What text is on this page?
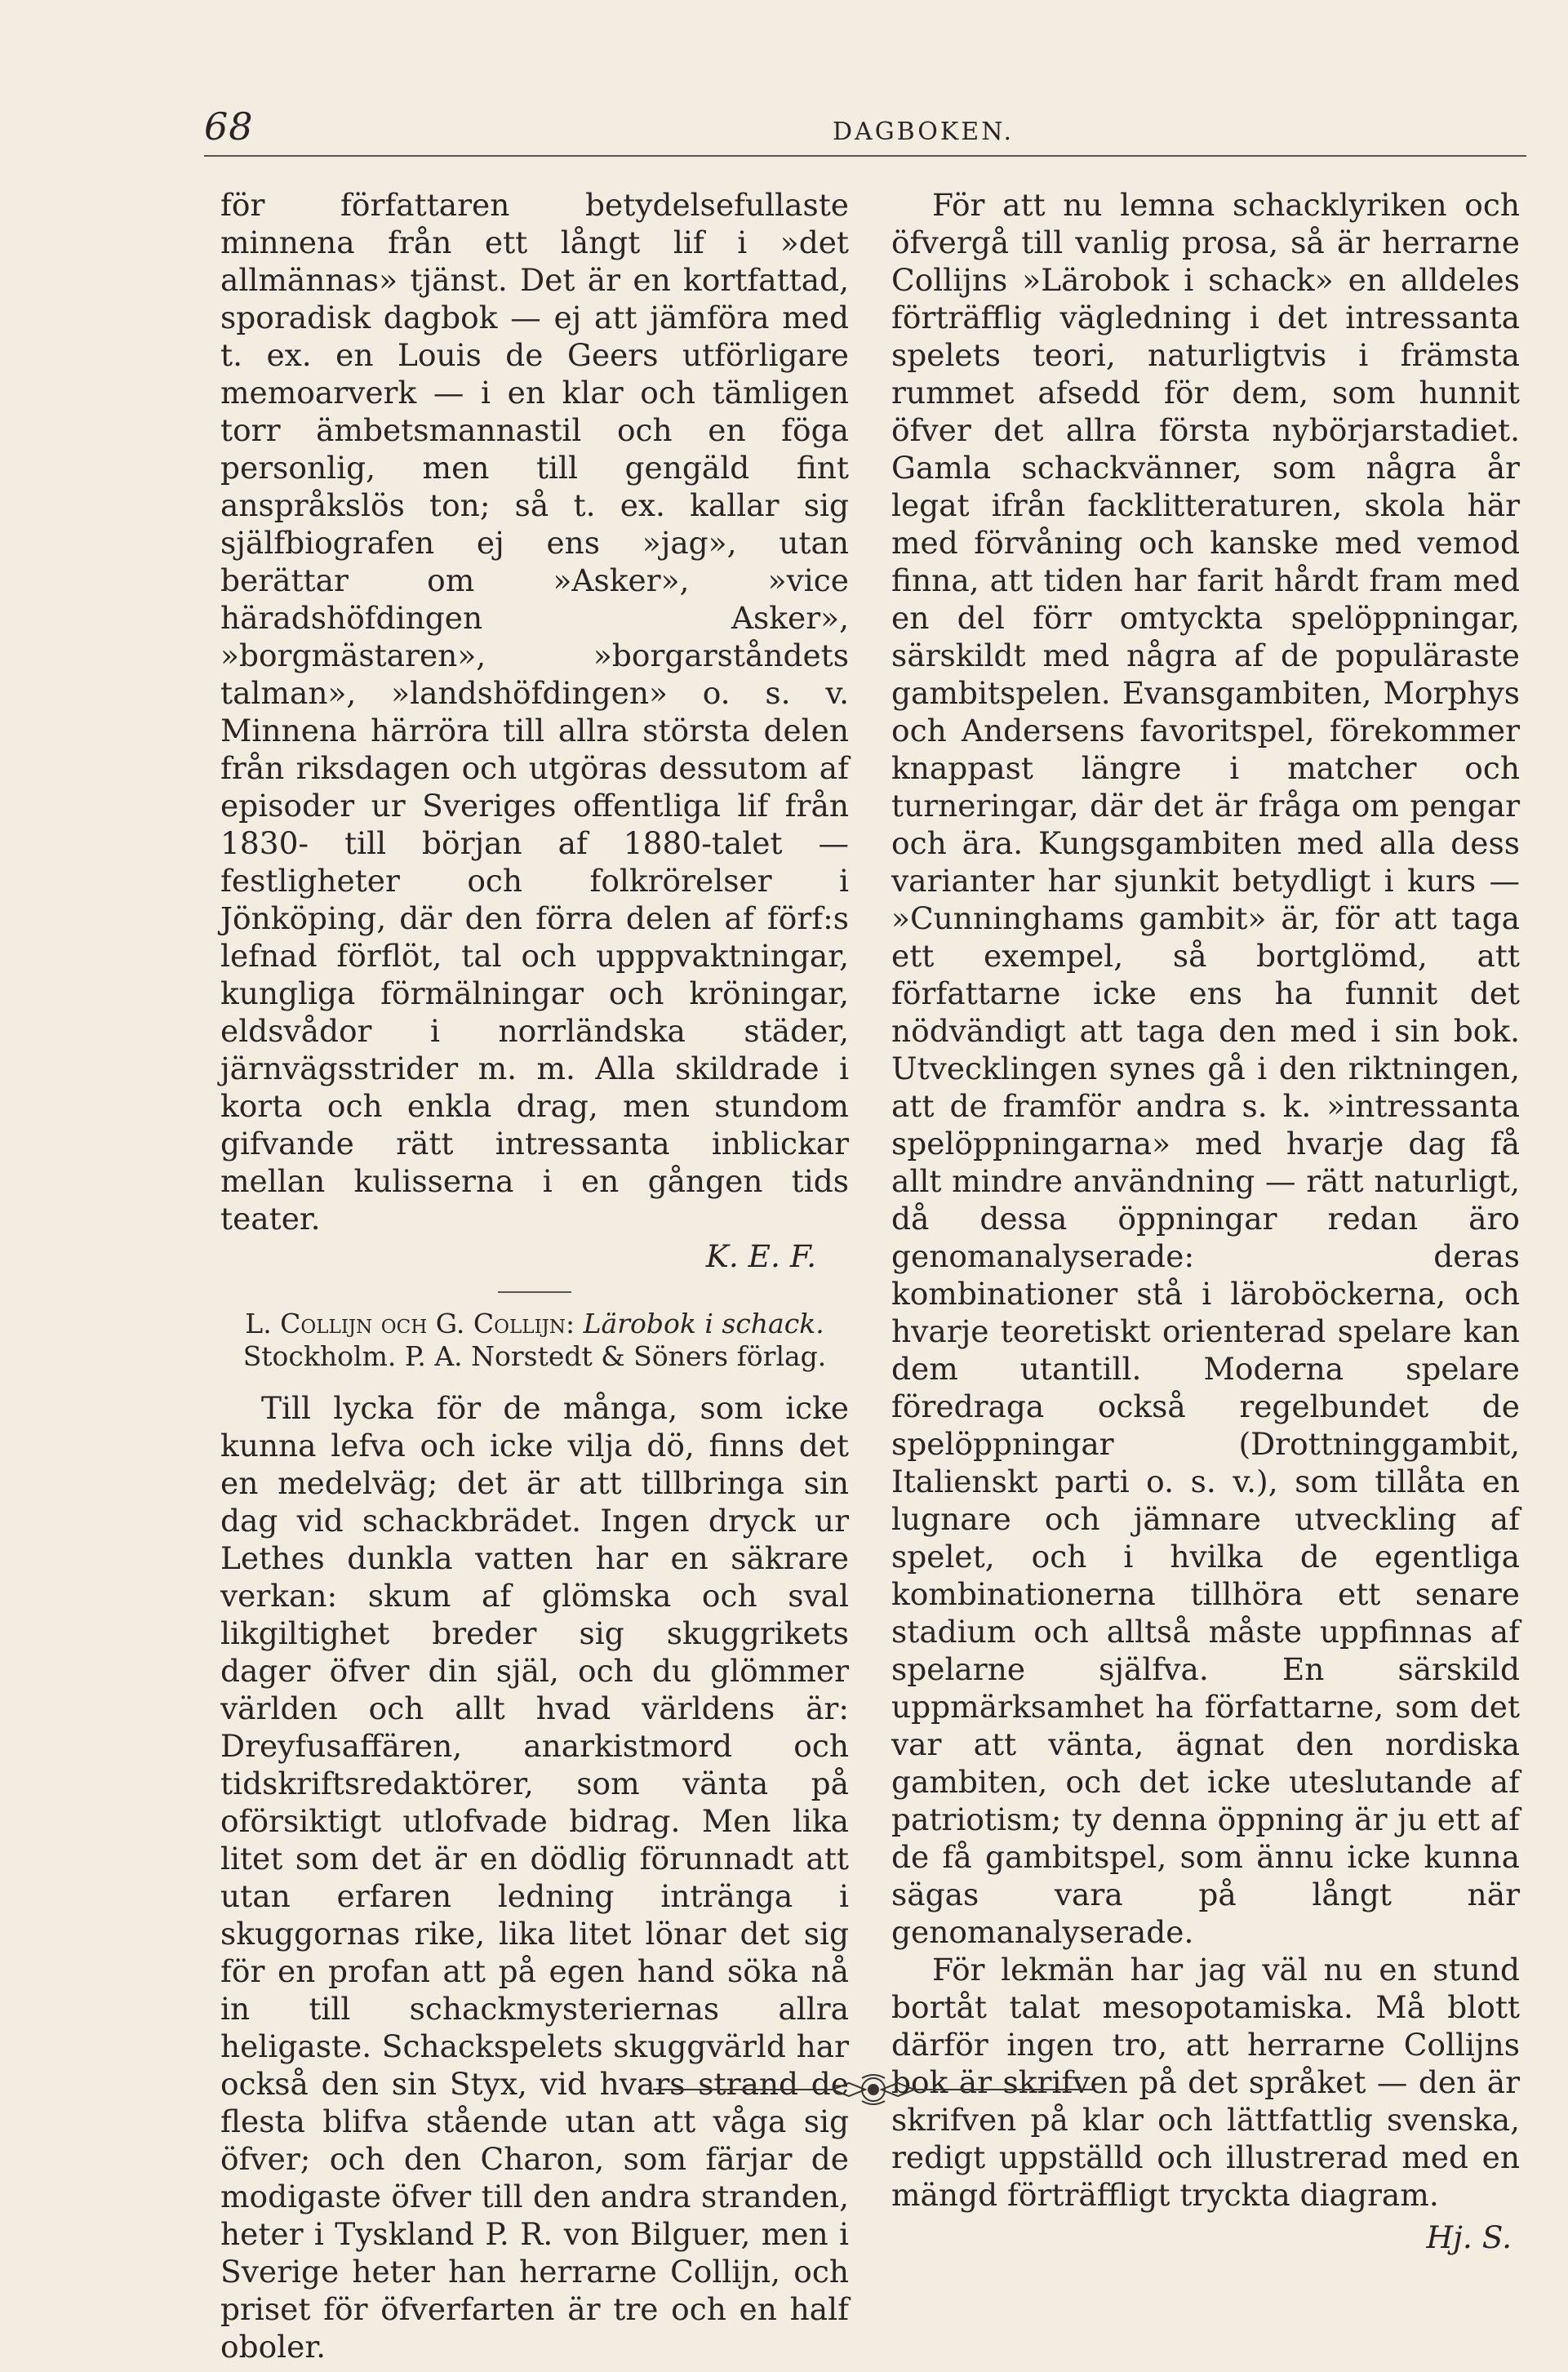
68	DAGBOKEN.

för författaren betydelsefullaste minnena från ett långt lif i »det allmännas» tjänst. Det är en kortfattad, sporadisk dagbok — ej att jämföra med t. ex. en Louis de Geers utförligare memoarverk — i en klar och tämligen torr ämbetsmannastil och en föga personlig, men till gengäld fint anspråkslös ton; så t. ex. kallar sig själfbiografen ej ens »jag», utan berättar om »Asker», »vice häradshöfdingen Asker», »borgmästaren», »borgarståndets talman», »landshöfdingen» o. s. v. Minnena härröra till allra största delen från riksdagen och utgöras dessutom af episoder ur Sveriges offentliga lif från 1830- till början af 1880-talet — festligheter och folkrörelser i Jönköping, där den förra delen af förf:s lefnad förflöt, tal och upppvaktningar, kungliga förmälningar och kröningar, eldsvådor i norrländska städer, järnvägsstrider m. m. Alla skildrade i korta och enkla drag, men stundom gifvande rätt intressanta inblickar mellan kulisserna i en gången tids teater.

K. E. F.

L. Collijn och G. Collijn: Lärobok i schack.
Stockholm. P. A. Norstedt & Söners förlag.

Till lycka för de många, som icke kunna lefva och icke vilja dö, finns det en medelväg; det är att tillbringa sin dag vid schackbrädet. Ingen dryck ur Lethes dunkla vatten har en säkrare verkan: skum af glömska och sval likgiltighet breder sig skuggrikets dager öfver din själ, och du glömmer världen och allt hvad världens är: Dreyfusaffären, anarkistmord och tidskriftsredaktörer, som vänta på oförsiktigt utlofvade bidrag. Men lika litet som det är en dödlig förunnadt att utan erfaren ledning intränga i skuggornas rike, lika litet lönar det sig för en profan att på egen hand söka nå in till schackmysteriernas allra heligaste. Schackspelets skuggvärld har också den sin Styx, vid hvars strand de flesta blifva stående utan att våga sig öfver; och den Charon, som färjar de modigaste öfver till den andra stranden, heter i Tyskland P. R. von Bilguer, men i Sverige heter han herrarne Collijn, och priset för öfverfarten är tre och en half oboler.

För att nu lemna schacklyriken och öfvergå till vanlig prosa, så är herrarne Collijns »Lärobok i schack» en alldeles förträfflig vägledning i det intressanta spelets teori, naturligtvis i främsta rummet afsedd för dem, som hunnit öfver det allra första nybörjarstadiet. Gamla schackvänner, som några år legat ifrån facklitteraturen, skola här med förvåning och kanske med vemod finna, att tiden har farit hårdt fram med en del förr omtyckta spelöppningar, särskildt med några af de populäraste gambitspelen. Evansgambiten, Morphys och Andersens favoritspel, förekommer knappast längre i matcher och turneringar, där det är fråga om pengar och ära. Kungsgambiten med alla dess varianter har sjunkit betydligt i kurs — »Cunninghams gambit» är, för att taga ett exempel, så bortglömd, att författarne icke ens ha funnit det nödvändigt att taga den med i sin bok. Utvecklingen synes gå i den riktningen, att de framför andra s. k. »intressanta spelöppningarna» med hvarje dag få allt mindre användning — rätt naturligt, då dessa öppningar redan äro genomanalyserade: deras kombinationer stå i läroböckerna, och hvarje teoretiskt orienterad spelare kan dem utantill. Moderna spelare föredraga också regelbundet de spelöppningar (Drottninggambit, Italienskt parti o. s. v.), som tillåta en lugnare och jämnare utveckling af spelet, och i hvilka de egentliga kombinationerna tillhöra ett senare stadium och alltså måste uppfinnas af spelarne själfva. En särskild uppmärksamhet ha författarne, som det var att vänta, ägnat den nordiska gambiten, och det icke uteslutande af patriotism; ty denna öppning är ju ett af de få gambitspel, som ännu icke kunna sägas vara på långt när genomanalyserade.

För lekmän har jag väl nu en stund bortåt talat mesopotamiska. Må blott därför ingen tro, att herrarne Collijns bok är skrifven på det språket — den är skrifven på klar och lättfattlig svenska, redigt uppställd och illustrerad med en mängd förträffligt tryckta diagram.

Hj. S.
